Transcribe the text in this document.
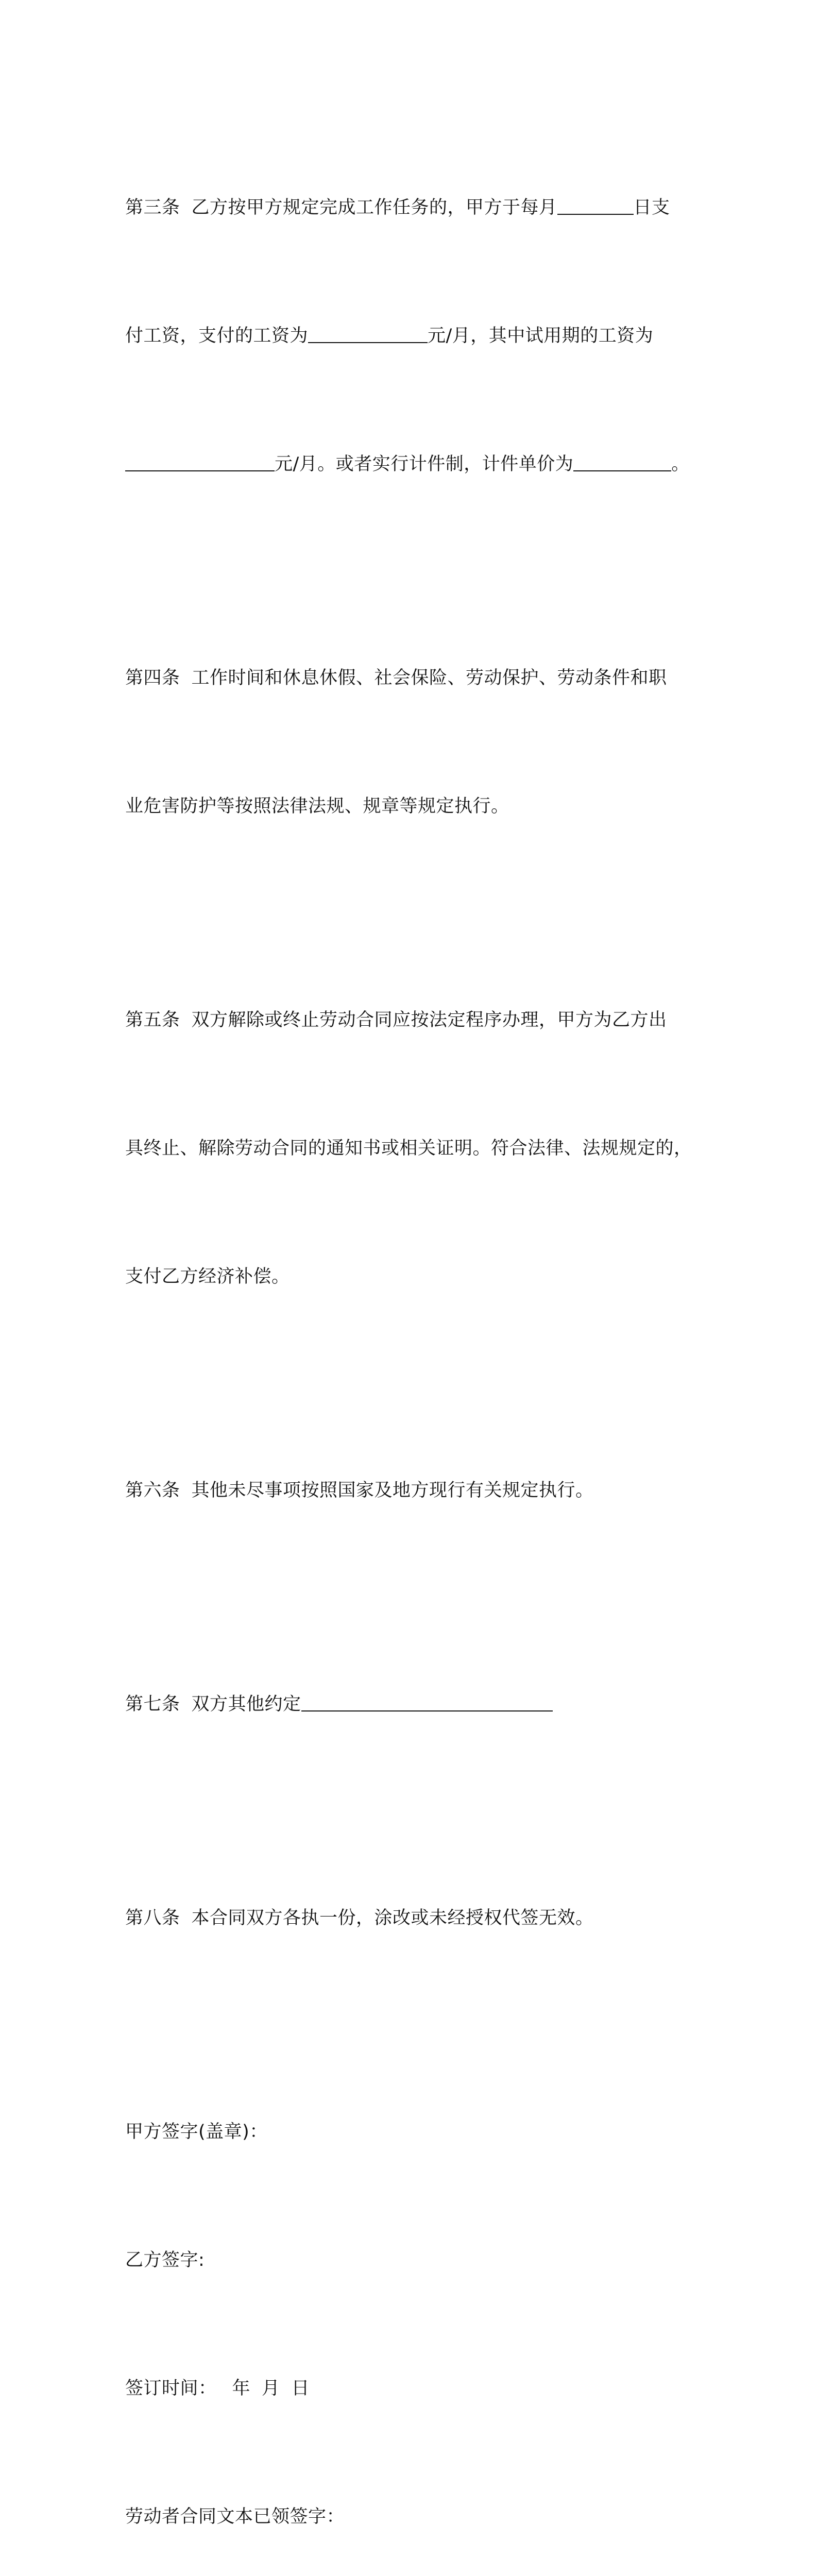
第三条 乙方按甲方规定完成工作任务的，甲方于每月	日支

付工资，支付的工资为	元/月，其中试用期的工资为

元/月。或者实行计件制，计件单价为	。

第四条 工作时间和休息休假、社会保险、劳动保护、劳动条件和职

业危害防护等按照法律法规、规章等规定执行。

第五条 双方解除或终止劳动合同应按法定程序办理，甲方为乙方出

具终止、解除劳动合同的通知书或相关证明。符合法律、法规规定的，

支付乙方经济补偿。

第六条 其他未尽事项按照国家及地方现行有关规定执行。

第七条 双方其他约定

第八条 本合同双方各执一份，涂改或未经授权代签无效。

甲方签字(盖章)：

乙方签字:

签订时间： 年 月 日

劳动者合同文本已领签字：
